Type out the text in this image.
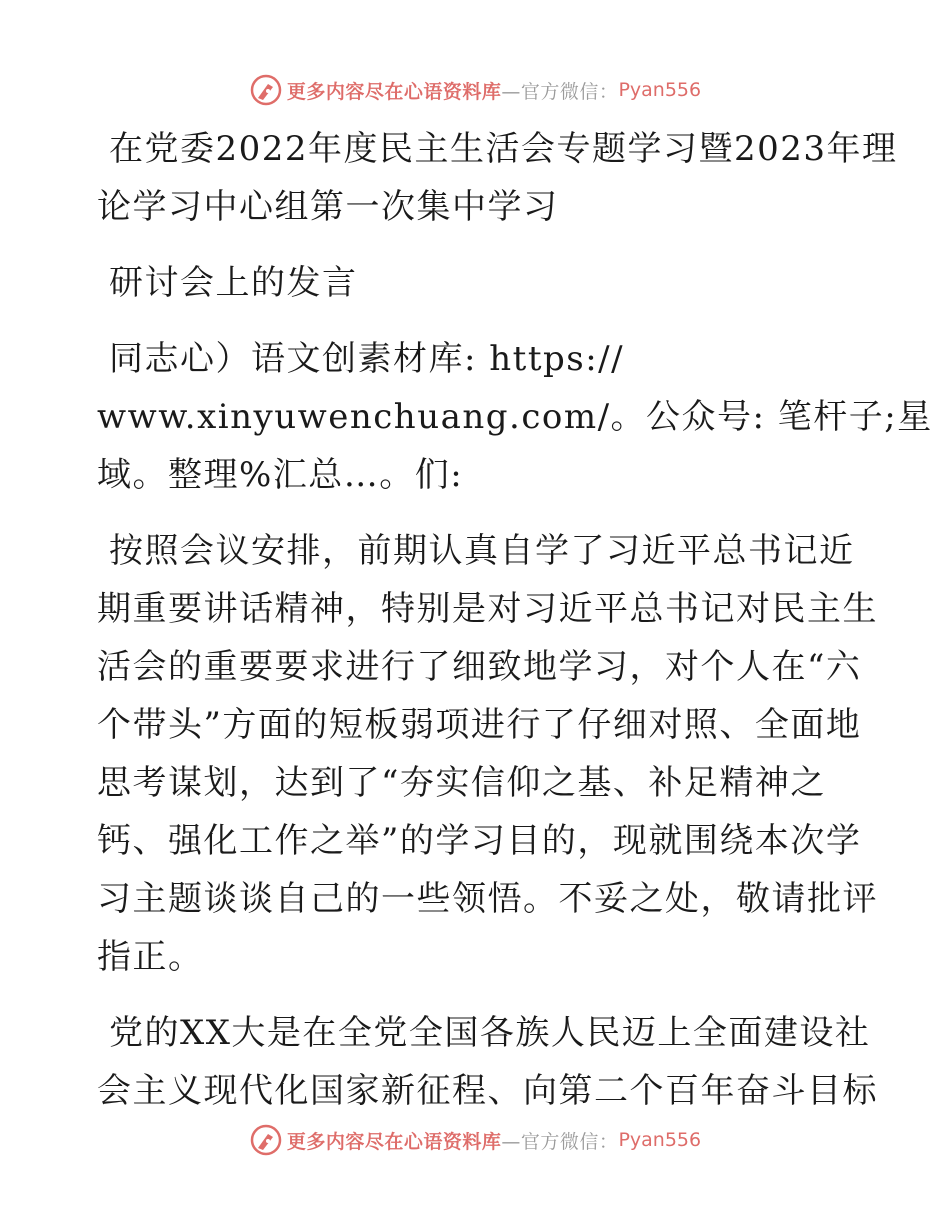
更多内容尽在心语资料库 —官方微信： Pyan556
在党委2022年度民主生活会专题学习暨2023年理
论学习中心组第一次集中学习
研讨会上的发言
同志心）语文创素材库: https://
www.xinyuwenchuang.com/。公众号: 笔杆子;星
域。整理%汇总…。们:
按照会议安排，前期认真自学了习近平总书记近
期重要讲话精神，特别是对习近平总书记对民主生
活会的重要要求进行了细致地学习，对个人在“六
个带头”方面的短板弱项进行了仔细对照、全面地
思考谋划，达到了“夯实信仰之基、补足精神之
钙、强化工作之举”的学习目的，现就围绕本次学
习主题谈谈自己的一些领悟。不妥之处，敬请批评
指正。
党的XX大是在全党全国各族人民迈上全面建设社
会主义现代化国家新征程、向第二个百年奋斗目标
更多内容尽在心语资料库 —官方微信： Pyan556
